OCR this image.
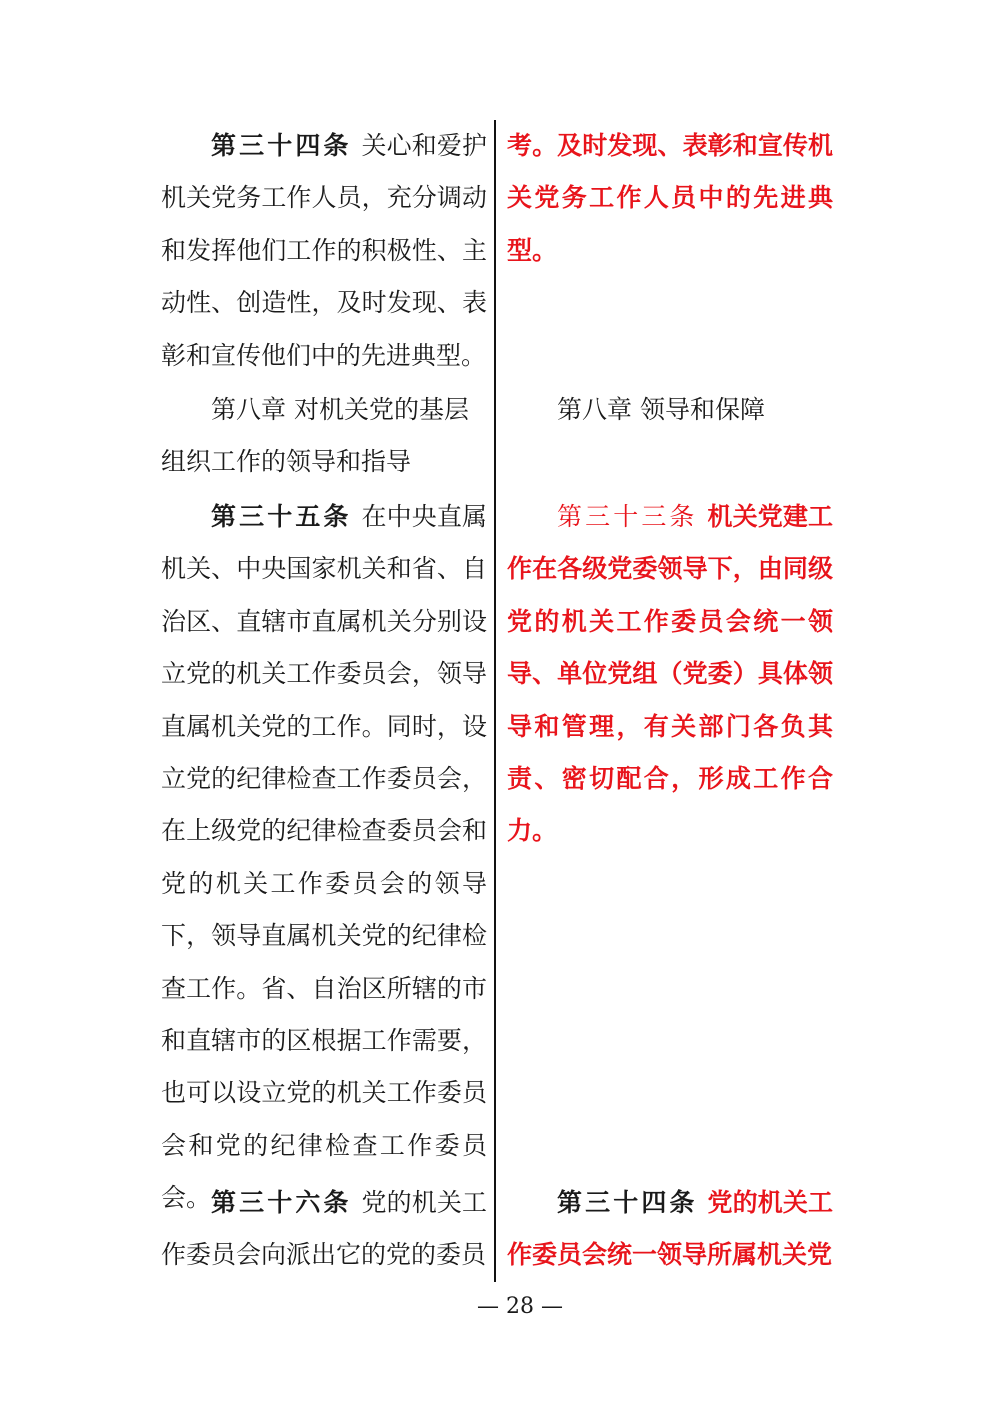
第三十四条 关心和爱护机关党务工作人员，充分调动和发挥他们工作的积极性、主动性、创造性，及时发现、表彰和宣传他们中的先进典型。

第八章 对机关党的基层组织工作的领导和指导

第三十五条 在中央直属机关、中央国家机关和省、自治区、直辖市直属机关分别设立党的机关工作委员会，领导直属机关党的工作。同时，设立党的纪律检查工作委员会，在上级党的纪律检查委员会和党的机关工作委员会的领导下，领导直属机关党的纪律检查工作。省、自治区所辖的市和直辖市的区根据工作需要，也可以设立党的机关工作委员会和党的纪律检查工作委员会。 第三十六条 党的机关工作委员会向派出它的党的委员

考。及时发现、表彰和宣传机关党务工作人员中的先进典型。

第八章 领导和保障

第三十三条 机关党建工作在各级党委领导下，由同级党的机关工作委员会统一领导、单位党组（党委）具体领导和管理，有关部门各负其责、密切配合，形成工作合力。

第三十四条 党的机关工作委员会统一领导所属机关党

— 28 —
